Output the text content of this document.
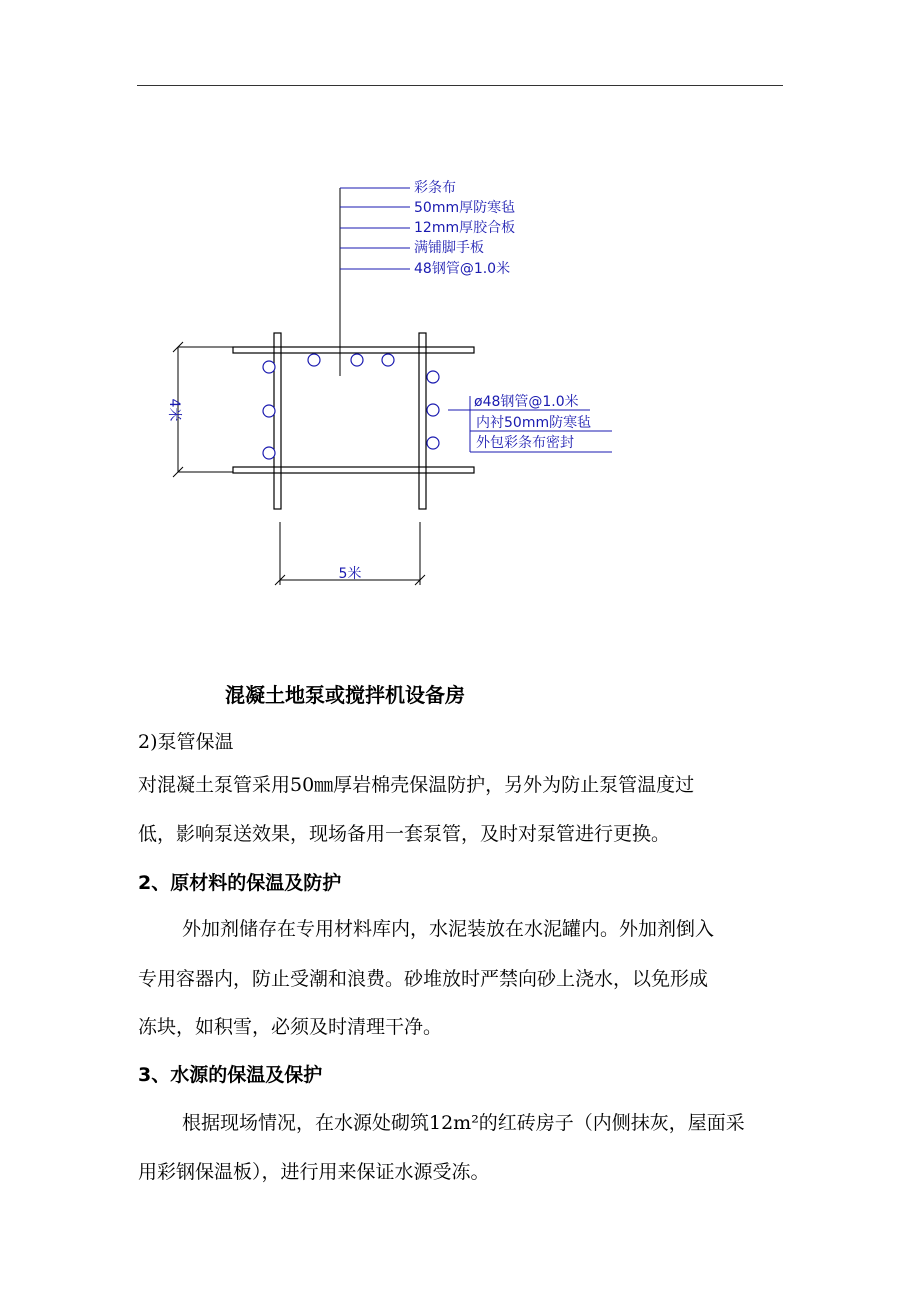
彩条布
50mm厚防寒毡
12mm厚胶合板
满铺脚手板
48钢管@1.0米
ø48钢管@1.0米
内衬50mm防寒毡
外包彩条布密封
4米
5米
混凝土地泵或搅拌机设备房
2)泵管保温
对混凝土泵管采用50㎜厚岩棉壳保温防护，另外为防止泵管温度过
低，影响泵送效果，现场备用一套泵管，及时对泵管进行更换。
2、原材料的保温及防护
外加剂储存在专用材料库内，水泥装放在水泥罐内。外加剂倒入
专用容器内，防止受潮和浪费。砂堆放时严禁向砂上浇水，以免形成
冻块，如积雪，必须及时清理干净。
3、水源的保温及保护
根据现场情况，在水源处砌筑12m²的红砖房子（内侧抹灰，屋面采
用彩钢保温板），进行用来保证水源受冻。
